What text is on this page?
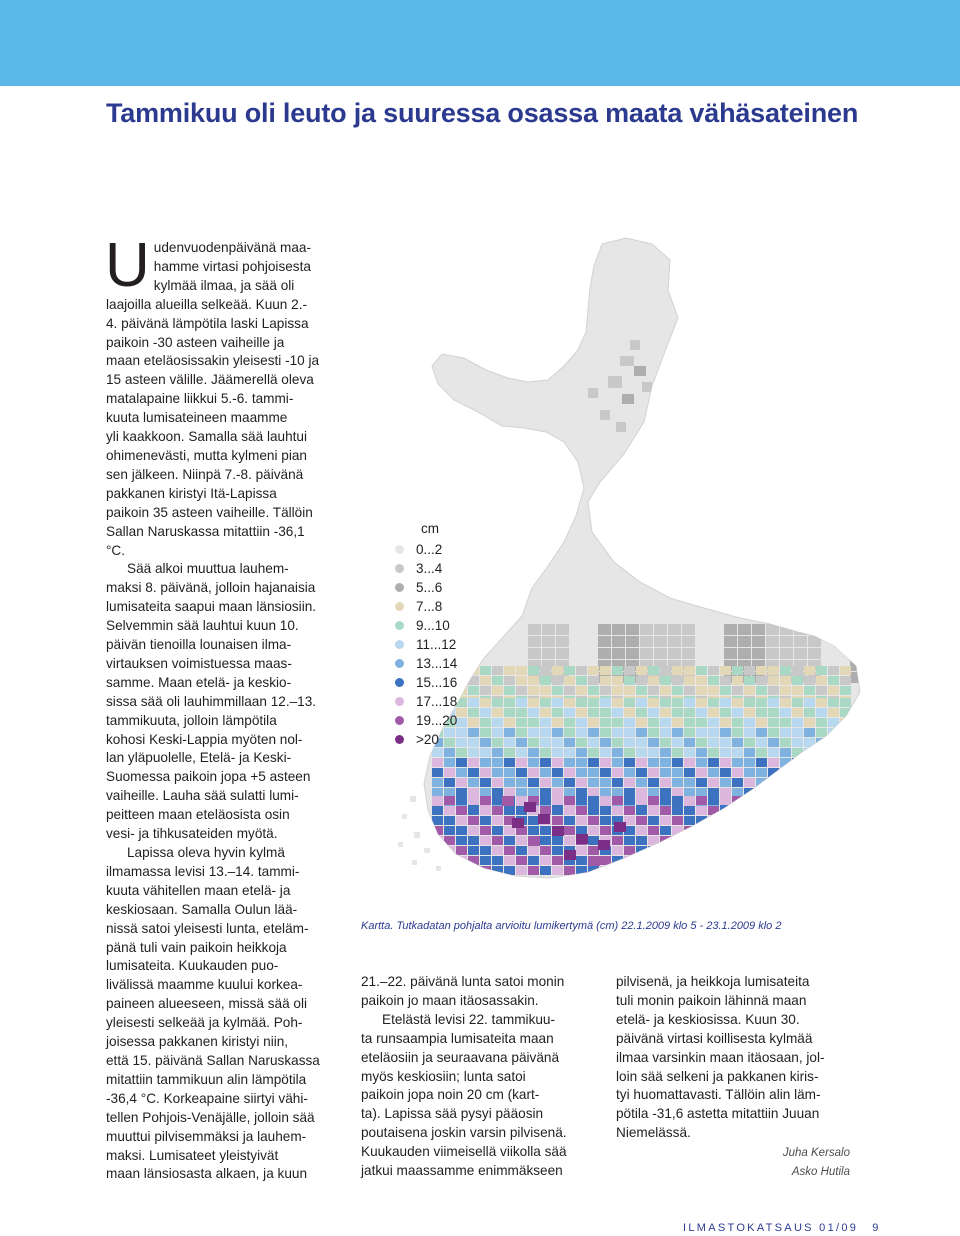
Tammikuu oli leuto ja suuressa osassa maata vähäsateinen
U udenvuodenpäivänä maa-
hamme virtasi pohjoisesta
kylmää ilmaa, ja sää oli
laajoilla alueilla selkeää. Kuun 2.-
4. päivänä lämpötila laski Lapissa
paikoin -30 asteen vaiheille ja
maan eteläosissakin yleisesti -10 ja
15 asteen välille. Jäämerellä oleva
matalapaine liikkui 5.-6. tammi-
kuuta lumisateineen maamme
yli kaakkoon. Samalla sää lauhtui
ohimenevästi, mutta kylmeni pian
sen jälkeen. Niinpä 7.-8. päivänä
pakkanen kiristyi Itä-Lapissa
paikoin 35 asteen vaiheille. Tällöin
Sallan Naruskassa mitattiin -36,1
°C.

Sää alkoi muuttua lauhem-
maksi 8. päivänä, jolloin hajanaisia
lumisateita saapui maan länsiosiin.
Selvemmin sää lauhtui kuun 10.
päivän tienoilla lounaisen ilma-
virtauksen voimistuessa maas-
samme. Maan etelä- ja keskio-
sissa sää oli lauhimmillaan 12.–13.
tammikuuta, jolloin lämpötila
kohosi Keski-Lappia myöten nol-
lan yläpuolelle, Etelä- ja Keski-
Suomessa paikoin jopa +5 asteen
vaiheille. Lauha sää sulatti lumi-
peitteen maan eteläosista osin
vesi- ja tihkusateiden myötä.

Lapissa oleva hyvin kylmä
ilmamassa levisi 13.–14. tammi-
kuuta vähitellen maan etelä- ja
keskiosaan. Samalla Oulun lää-
nissä satoi yleisesti lunta, eteläm-
pänä tuli vain paikoin heikkoja
lumisateita. Kuukauden puo-
livälissä maamme kuului korkea-
paineen alueeseen, missä sää oli
yleisesti selkeää ja kylmää. Poh-
joisessa pakkanen kiristyi niin,
että 15. päivänä Sallan Naruskassa
mitattiin tammikuun alin lämpötila
-36,4 °C. Korkeapaine siirtyi vähi-
tellen Pohjois-Venäjälle, jolloin sää
muuttui pilvisemmäksi ja lauhem-
maksi. Lumisateet yleistyivät
maan länsiosasta alkaen, ja kuun

cm
0...2
3...4
5...6
7...8
9...10
11...12
13...14
15...16
17...18
19...20
>20
Kartta. Tutkadatan pohjalta arvioitu lumikertymä (cm) 22.1.2009 klo 5 - 23.1.2009 klo 2

21.–22. päivänä lunta satoi monin
paikoin jo maan itäosassakin.

Etelästä levisi 22. tammikuu-
ta runsaampia lumisateita maan
eteläosiin ja seuraavana päivänä
myös keskiosiin; lunta satoi
paikoin jopa noin 20 cm (kart-
ta). Lapissa sää pysyi pääosin
poutaisena joskin varsin pilvisenä.
Kuukauden viimeisellä viikolla sää
jatkui maassamme enimmäkseen

pilvisenä, ja heikkoja lumisateita
tuli monin paikoin lähinnä maan
etelä- ja keskiosissa. Kuun 30.
päivänä virtasi koillisesta kylmää
ilmaa varsinkin maan itäosaan, jol-
loin sää selkeni ja pakkanen kiris-
tyi huomattavasti. Tällöin alin läm-
pötila -31,6 astetta mitattiin Juuan
Niemelässä.

Juha Kersalo
Asko Hutila
ILMASTOKATSAUS 01/09 9
